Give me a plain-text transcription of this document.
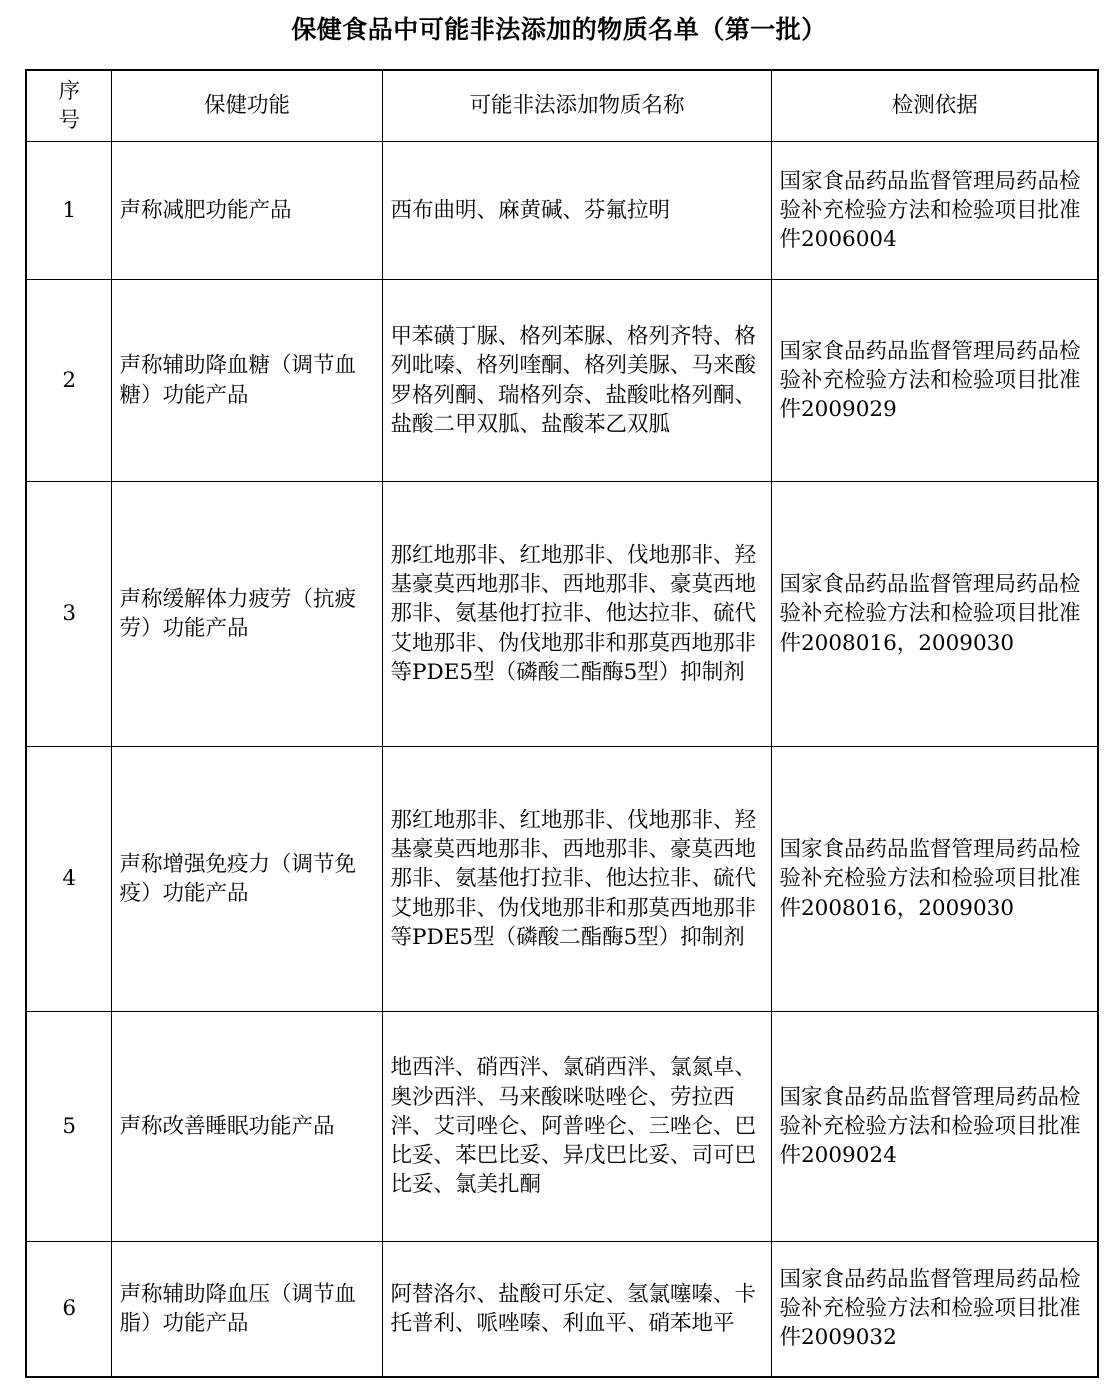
保健食品中可能非法添加的物质名单（第一批）
序号	保健功能	可能非法添加物质名称	检测依据
1	声称减肥功能产品	西布曲明、麻黄碱、芬氟拉明	国家食品药品监督管理局药品检验补充检验方法和检验项目批准件2006004
2	声称辅助降血糖（调节血糖）功能产品	甲苯磺丁脲、格列苯脲、格列齐特、格列吡嗪、格列喹酮、格列美脲、马来酸罗格列酮、瑞格列奈、盐酸吡格列酮、盐酸二甲双胍、盐酸苯乙双胍	国家食品药品监督管理局药品检验补充检验方法和检验项目批准件2009029
3	声称缓解体力疲劳（抗疲劳）功能产品	那红地那非、红地那非、伐地那非、羟基豪莫西地那非、西地那非、豪莫西地那非、氨基他打拉非、他达拉非、硫代艾地那非、伪伐地那非和那莫西地那非等PDE5型（磷酸二酯酶5型）抑制剂	国家食品药品监督管理局药品检验补充检验方法和检验项目批准件2008016，2009030
4	声称增强免疫力（调节免疫）功能产品	那红地那非、红地那非、伐地那非、羟基豪莫西地那非、西地那非、豪莫西地那非、氨基他打拉非、他达拉非、硫代艾地那非、伪伐地那非和那莫西地那非等PDE5型（磷酸二酯酶5型）抑制剂	国家食品药品监督管理局药品检验补充检验方法和检验项目批准件2008016，2009030
5	声称改善睡眠功能产品	地西泮、硝西泮、氯硝西泮、氯氮卓、奥沙西泮、马来酸咪哒唑仑、劳拉西泮、艾司唑仑、阿普唑仑、三唑仑、巴比妥、苯巴比妥、异戊巴比妥、司可巴比妥、氯美扎酮	国家食品药品监督管理局药品检验补充检验方法和检验项目批准件2009024
6	声称辅助降血压（调节血脂）功能产品	阿替洛尔、盐酸可乐定、氢氯噻嗪、卡托普利、哌唑嗪、利血平、硝苯地平	国家食品药品监督管理局药品检验补充检验方法和检验项目批准件2009032
